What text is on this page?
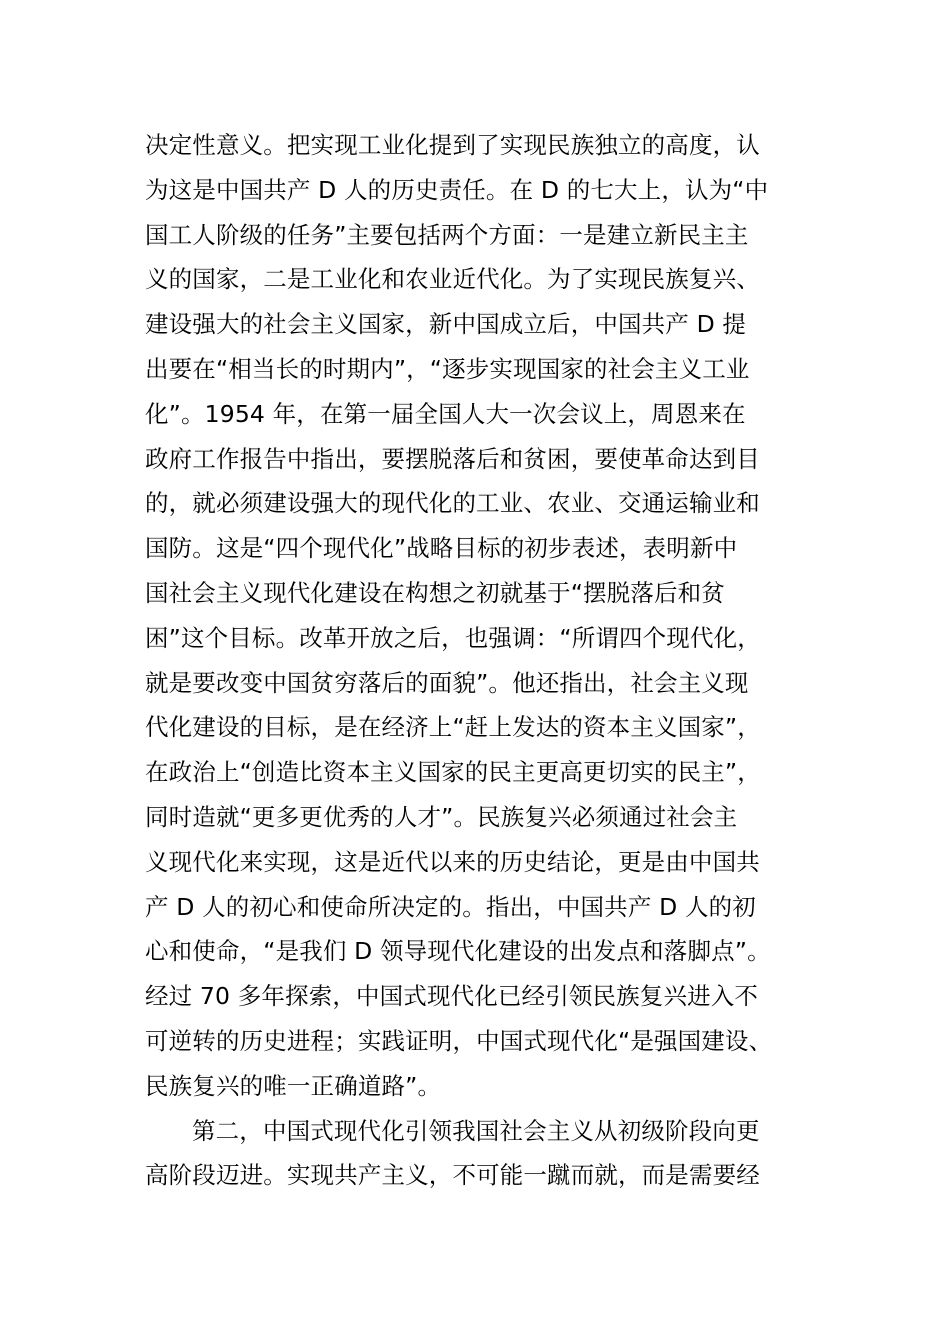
决定性意义。把实现工业化提到了实现民族独立的高度，认
为这是中国共产 D 人的历史责任。在 D 的七大上，认为“中
国工人阶级的任务”主要包括两个方面：一是建立新民主主
义的国家，二是工业化和农业近代化。为了实现民族复兴、
建设强大的社会主义国家，新中国成立后，中国共产 D 提
出要在“相当长的时期内”，“逐步实现国家的社会主义工业
化”。1954 年，在第一届全国人大一次会议上，周恩来在
政府工作报告中指出，要摆脱落后和贫困，要使革命达到目
的，就必须建设强大的现代化的工业、农业、交通运输业和
国防。这是“四个现代化”战略目标的初步表述，表明新中
国社会主义现代化建设在构想之初就基于“摆脱落后和贫
困”这个目标。改革开放之后，也强调：“所谓四个现代化，
就是要改变中国贫穷落后的面貌”。他还指出，社会主义现
代化建设的目标，是在经济上“赶上发达的资本主义国家”，
在政治上“创造比资本主义国家的民主更高更切实的民主”，
同时造就“更多更优秀的人才”。民族复兴必须通过社会主
义现代化来实现，这是近代以来的历史结论，更是由中国共
产 D 人的初心和使命所决定的。指出，中国共产 D 人的初
心和使命，“是我们 D 领导现代化建设的出发点和落脚点”。
经过 70 多年探索，中国式现代化已经引领民族复兴进入不
可逆转的历史进程；实践证明，中国式现代化“是强国建设、
民族复兴的唯一正确道路”。
第二，中国式现代化引领我国社会主义从初级阶段向更
高阶段迈进。实现共产主义，不可能一蹴而就，而是需要经
